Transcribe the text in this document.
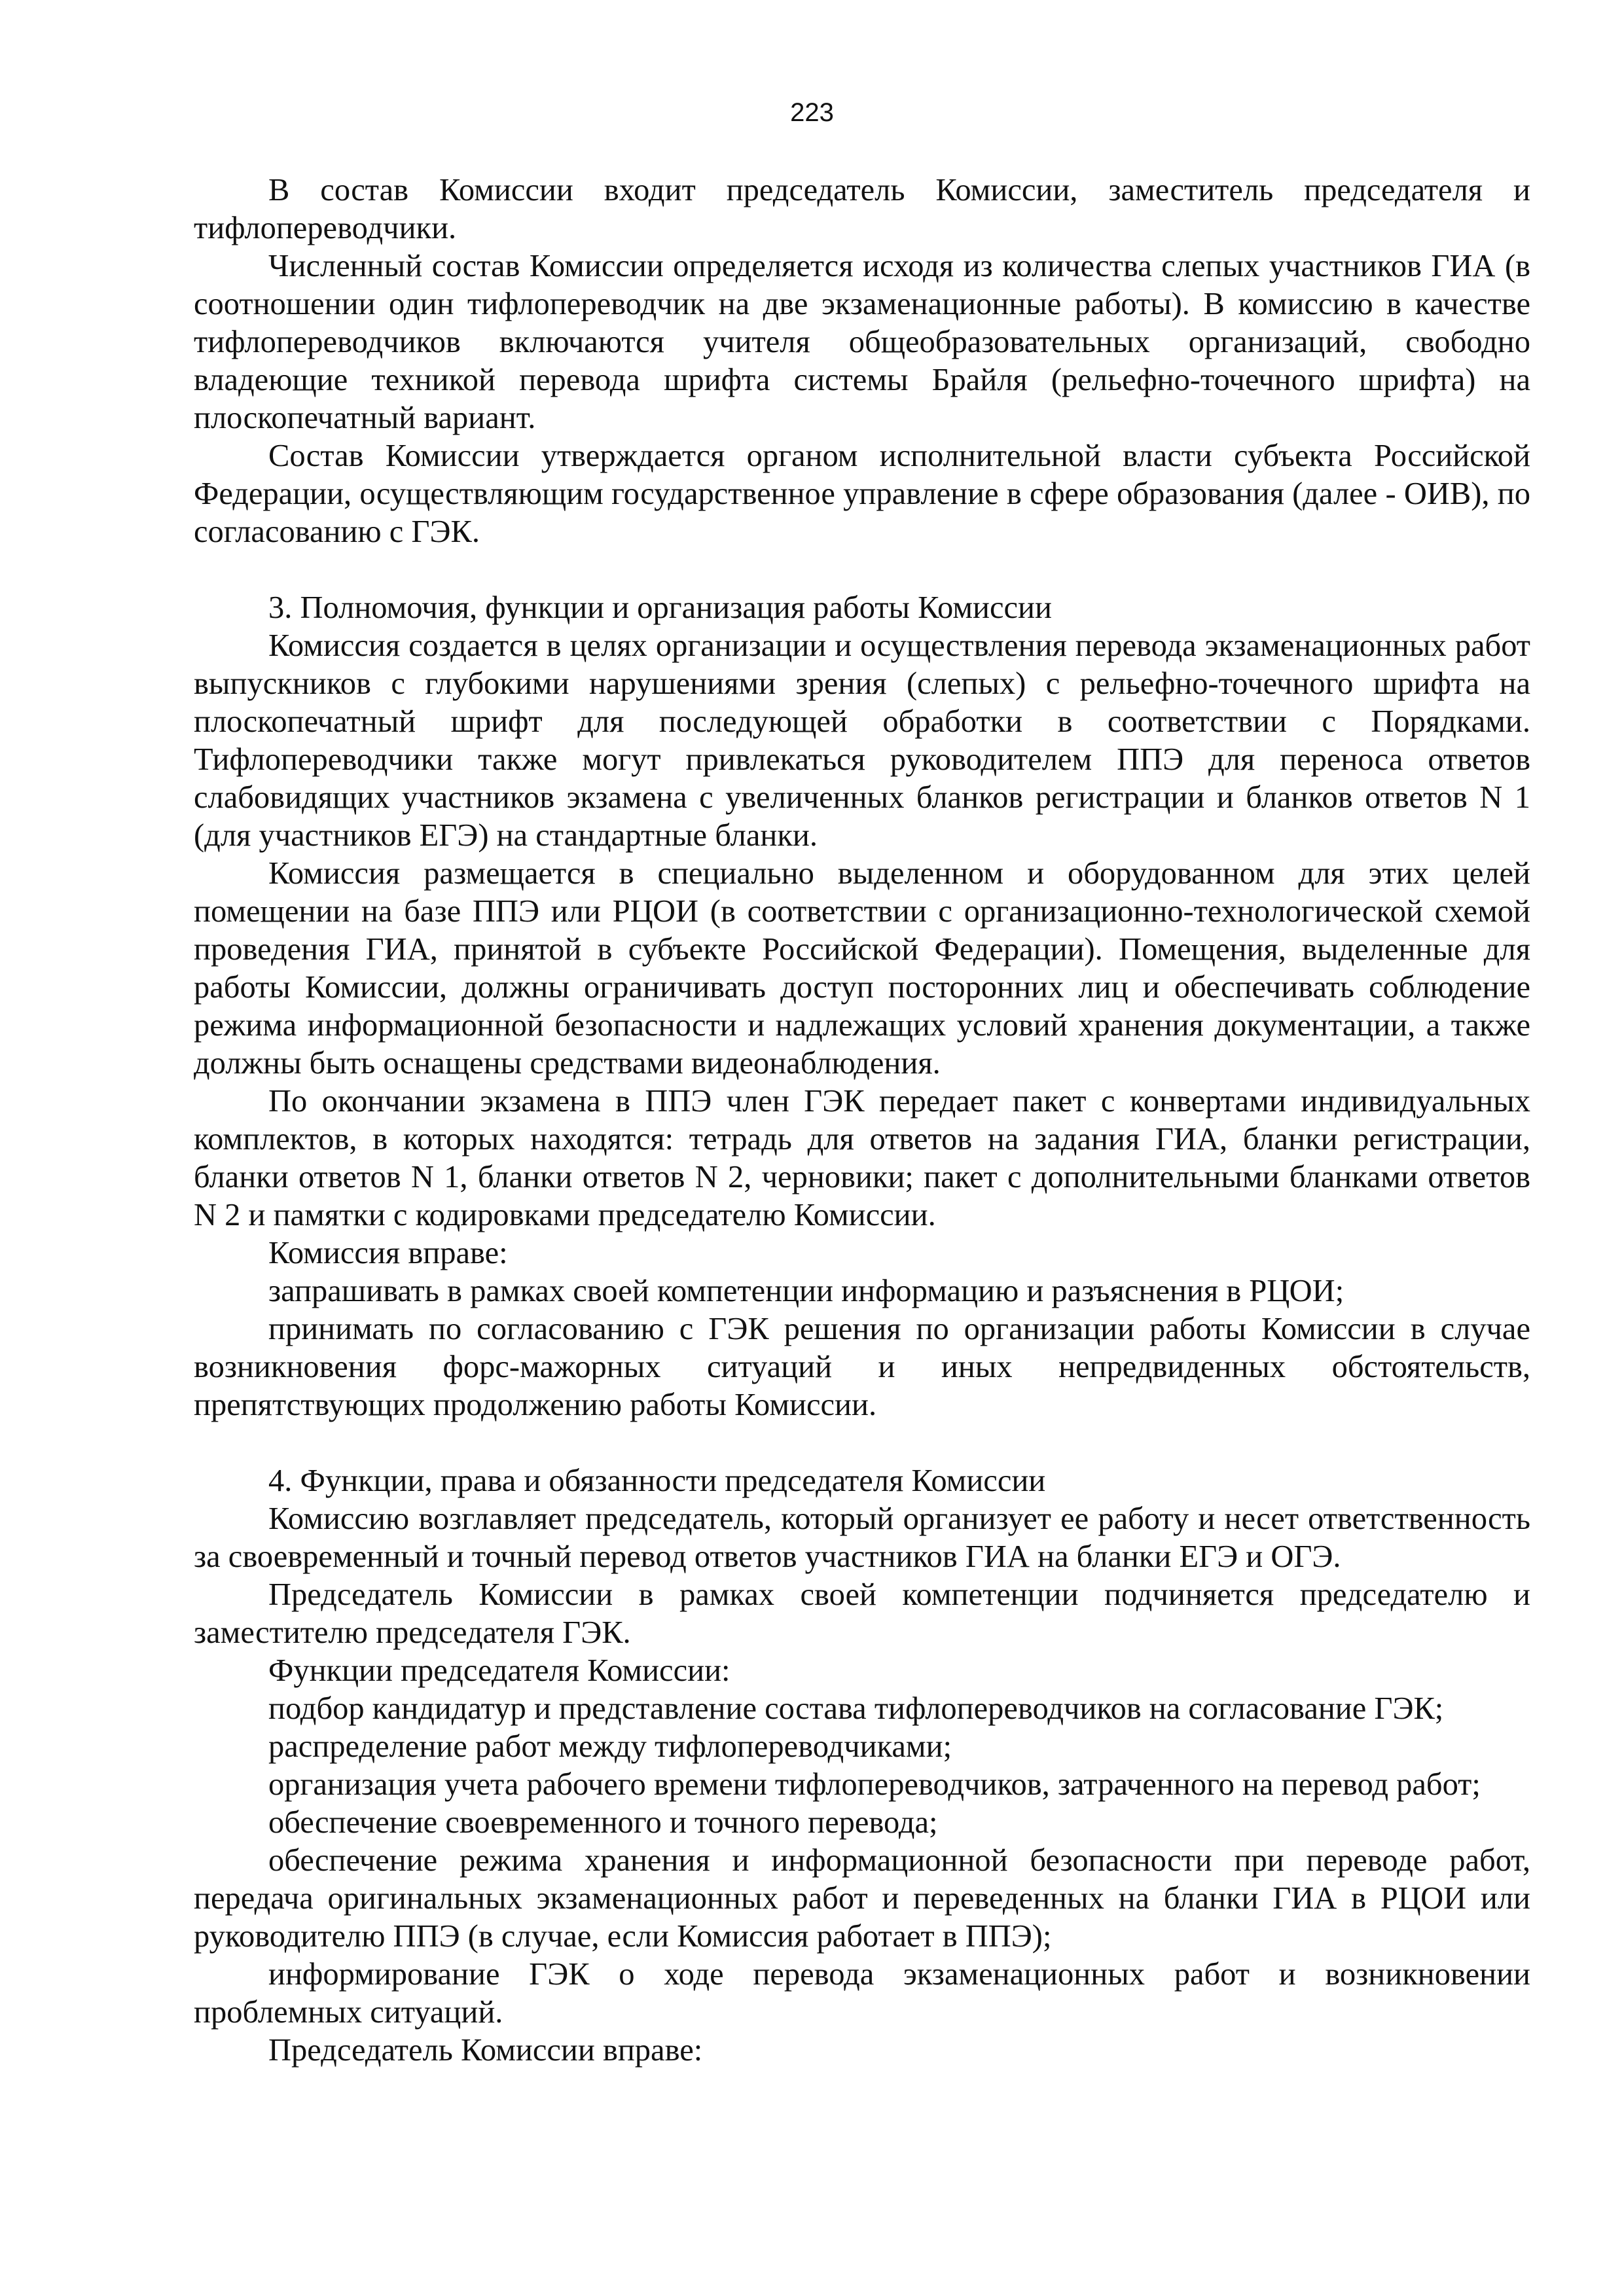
223

В состав Комиссии входит председатель Комиссии, заместитель председателя и тифлопереводчики.

Численный состав Комиссии определяется исходя из количества слепых участников ГИА (в соотношении один тифлопереводчик на две экзаменационные работы). В комиссию в качестве тифлопереводчиков включаются учителя общеобразовательных организаций, свободно владеющие техникой перевода шрифта системы Брайля (рельефно-точечного шрифта) на плоскопечатный вариант.

Состав Комиссии утверждается органом исполнительной власти субъекта Российской Федерации, осуществляющим государственное управление в сфере образования (далее - ОИВ), по согласованию с ГЭК.

3. Полномочия, функции и организация работы Комиссии

Комиссия создается в целях организации и осуществления перевода экзаменационных работ выпускников с глубокими нарушениями зрения (слепых) с рельефно-точечного шрифта на плоскопечатный шрифт для последующей обработки в соответствии с Порядками. Тифлопереводчики также могут привлекаться руководителем ППЭ для переноса ответов слабовидящих участников экзамена с увеличенных бланков регистрации и бланков ответов N 1 (для участников ЕГЭ) на стандартные бланки.

Комиссия размещается в специально выделенном и оборудованном для этих целей помещении на базе ППЭ или РЦОИ (в соответствии с организационно-технологической схемой проведения ГИА, принятой в субъекте Российской Федерации). Помещения, выделенные для работы Комиссии, должны ограничивать доступ посторонних лиц и обеспечивать соблюдение режима информационной безопасности и надлежащих условий хранения документации, а также должны быть оснащены средствами видеонаблюдения.

По окончании экзамена в ППЭ член ГЭК передает пакет с конвертами индивидуальных комплектов, в которых находятся: тетрадь для ответов на задания ГИА, бланки регистрации, бланки ответов N 1, бланки ответов N 2, черновики; пакет с дополнительными бланками ответов N 2 и памятки с кодировками председателю Комиссии.

Комиссия вправе:

запрашивать в рамках своей компетенции информацию и разъяснения в РЦОИ;

принимать по согласованию с ГЭК решения по организации работы Комиссии в случае возникновения форс-мажорных ситуаций и иных непредвиденных обстоятельств, препятствующих продолжению работы Комиссии.

4. Функции, права и обязанности председателя Комиссии

Комиссию возглавляет председатель, который организует ее работу и несет ответственность за своевременный и точный перевод ответов участников ГИА на бланки ЕГЭ и ОГЭ.

Председатель Комиссии в рамках своей компетенции подчиняется председателю и заместителю председателя ГЭК.

Функции председателя Комиссии:

подбор кандидатур и представление состава тифлопереводчиков на согласование ГЭК;

распределение работ между тифлопереводчиками;

организация учета рабочего времени тифлопереводчиков, затраченного на перевод работ;

обеспечение своевременного и точного перевода;

обеспечение режима хранения и информационной безопасности при переводе работ, передача оригинальных экзаменационных работ и переведенных на бланки ГИА в РЦОИ или руководителю ППЭ (в случае, если Комиссия работает в ППЭ);

информирование ГЭК о ходе перевода экзаменационных работ и возникновении проблемных ситуаций.

Председатель Комиссии вправе:
